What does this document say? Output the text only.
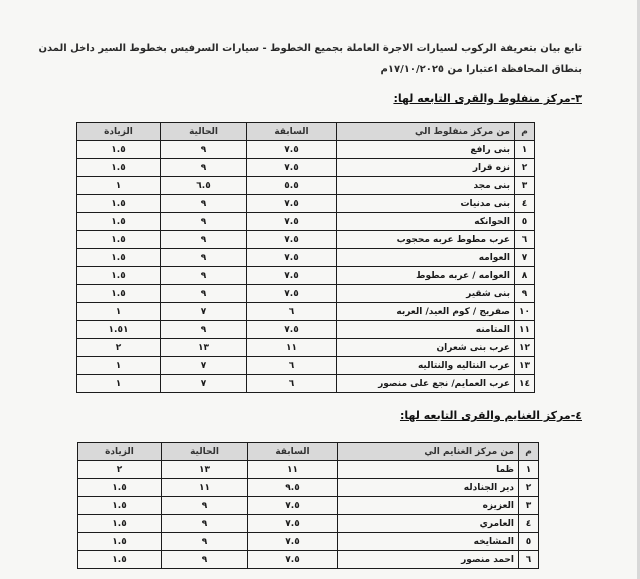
تابع بيان بتعريفة الركوب لسيارات الاجرة العاملة بجميع الخطوط - سيارات السرفيس بخطوط السير داخل المدن
بنطاق المحافظة اعتبارا من ١٧/١٠/٢٠٢٥م
٣-مركز منفلوط والقرى التابعه لها:
م	من مركز منفلوط الي	السابقة	الحالية	الزيادة
١	بنى رافع	٧.٥	٩	١.٥
٢	نزه قرار	٧.٥	٩	١.٥
٣	بنى مجد	٥.٥	٦.٥	١
٤	بنى مدنيات	٧.٥	٩	١.٥
٥	الحوانكه	٧.٥	٩	١.٥
٦	عرب مطوط عربه محجوب	٧.٥	٩	١.٥
٧	العوامه	٧.٥	٩	١.٥
٨	العوامه / عربه مطوط	٧.٥	٩	١.٥
٩	بنى شقير	٧.٥	٩	١.٥
١٠	صفريج / كوم العيد/ العربه	٦	٧	١
١١	المتامنه	٧.٥	٩	١.٥١
١٢	عرب بنى شعران	١١	١٣	٢
١٣	عرب النتاليه والنتاليه	٦	٧	١
١٤	عرب العمايم/ نجع على منصور	٦	٧	١
٤-مركز الغنايم والقرى التابعه لها:
م	من مركز الغنايم الي	السابقة	الحالية	الزيادة
١	ظما	١١	١٣	٢
٢	دير الجنادله	٩.٥	١١	١.٥
٣	العزيزه	٧.٥	٩	١.٥
٤	العامري	٧.٥	٩	١.٥
٥	المشايخه	٧.٥	٩	١.٥
٦	احمد منصور	٧.٥	٩	١.٥
